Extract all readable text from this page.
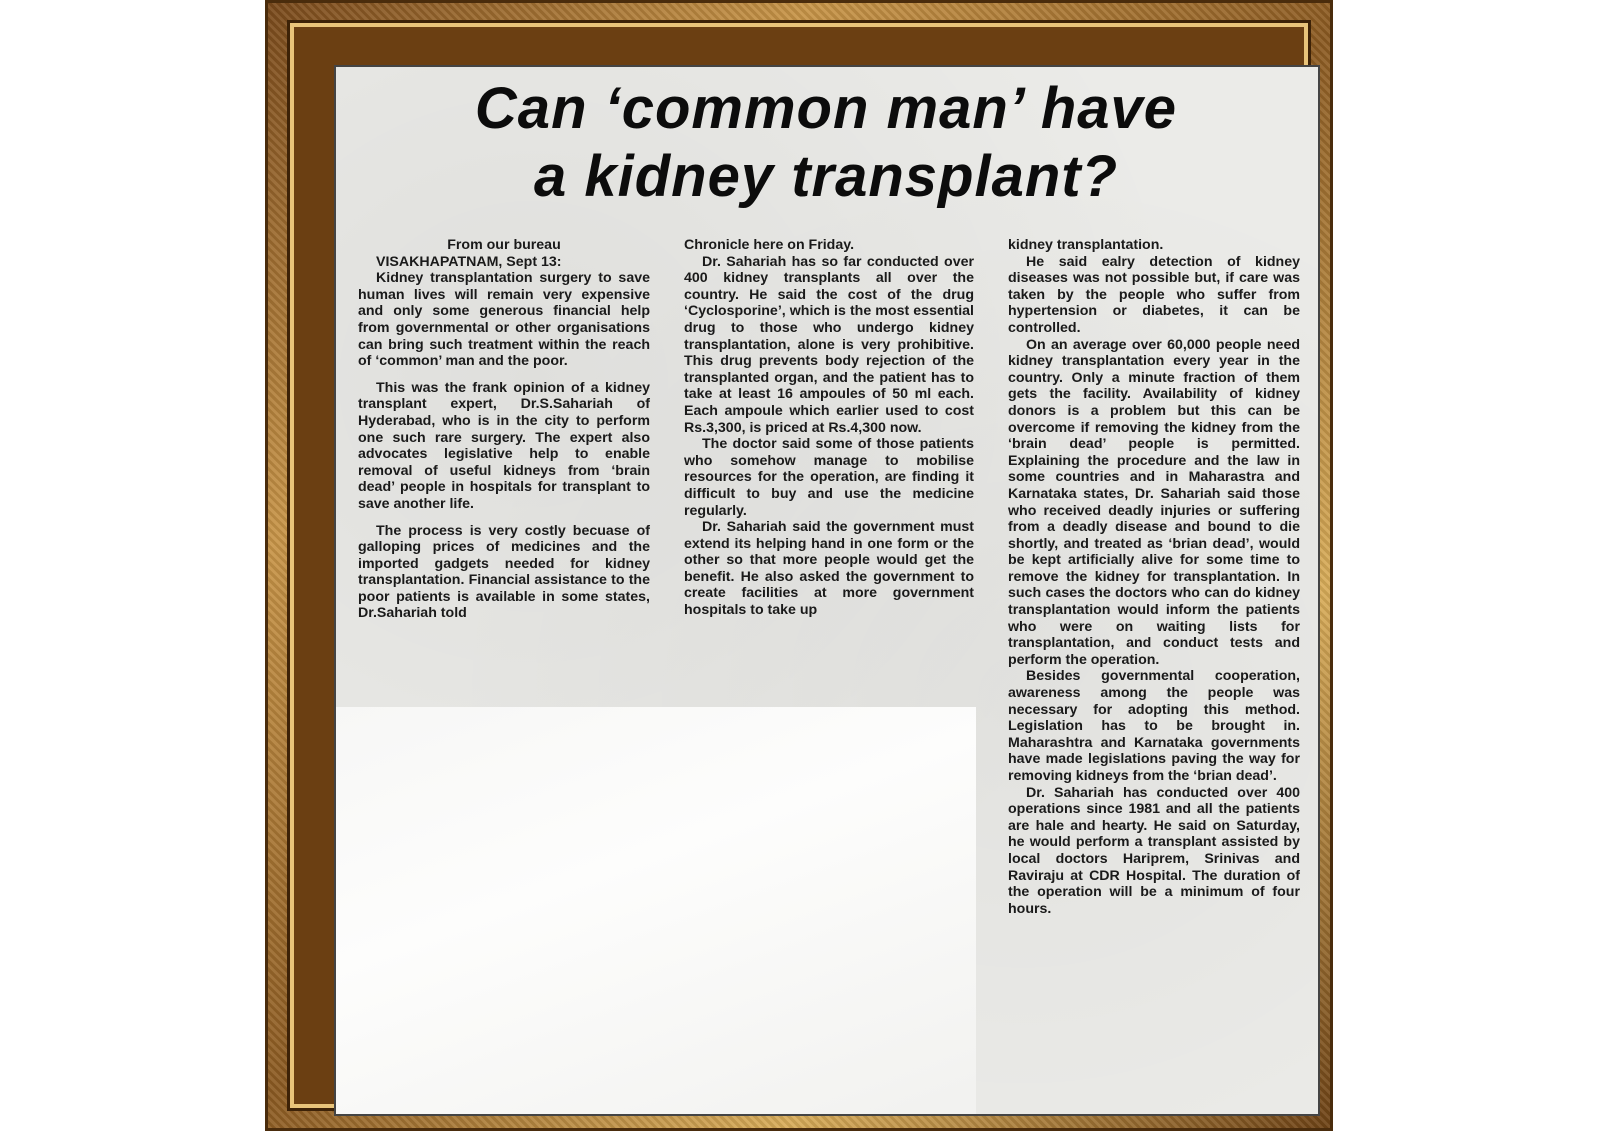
Can ‘common man’ have
a kidney transplant?

From our bureau

VISAKHAPATNAM, Sept 13:

Kidney transplantation surgery to save human lives will remain very expensive and only some generous financial help from governmental or other organisations can bring such treatment within the reach of ‘common’ man and the poor.

This was the frank opinion of a kidney transplant expert, Dr.S.Sahariah of Hyderabad, who is in the city to perform one such rare surgery. The expert also advocates legislative help to enable removal of useful kidneys from ‘brain dead’ people in hospitals for transplant to save another life.

The process is very costly becuase of galloping prices of medicines and the imported gadgets needed for kidney transplantation. Financial assistance to the poor patients is available in some states, Dr.Sahariah told

Chronicle here on Friday.

Dr. Sahariah has so far conducted over 400 kidney transplants all over the country. He said the cost of the drug ‘Cyclosporine’, which is the most essential drug to those who undergo kidney transplantation, alone is very prohibitive. This drug prevents body rejection of the transplanted organ, and the patient has to take at least 16 ampoules of 50 ml each. Each ampoule which earlier used to cost Rs.3,300, is priced at Rs.4,300 now.

The doctor said some of those patients who somehow manage to mobilise resources for the operation, are finding it difficult to buy and use the medicine regularly.

Dr. Sahariah said the government must extend its helping hand in one form or the other so that more people would get the benefit. He also asked the government to create facilities at more government hospitals to take up

kidney transplantation.

He said ealry detection of kidney diseases was not possible but, if care was taken by the people who suffer from hypertension or diabetes, it can be controlled.

On an average over 60,000 people need kidney transplantation every year in the country. Only a minute fraction of them gets the facility. Availability of kidney donors is a problem but this can be overcome if removing the kidney from the ‘brain dead’ people is permitted. Explaining the procedure and the law in some countries and in Maharastra and Karnataka states, Dr. Sahariah said those who received deadly injuries or suffering from a deadly disease and bound to die shortly, and treated as ‘brian dead’, would be kept artificially alive for some time to remove the kidney for transplantation. In such cases the doctors who can do kidney transplantation would inform the patients who were on waiting lists for transplantation, and conduct tests and perform the operation.

Besides governmental cooperation, awareness among the people was necessary for adopting this method. Legislation has to be brought in. Maharashtra and Karnataka governments have made legislations paving the way for removing kidneys from the ‘brian dead’.

Dr. Sahariah has conducted over 400 operations since 1981 and all the patients are hale and hearty. He said on Saturday, he would perform a transplant assisted by local doctors Hariprem, Srinivas and Raviraju at CDR Hospital. The duration of the operation will be a minimum of four hours.
